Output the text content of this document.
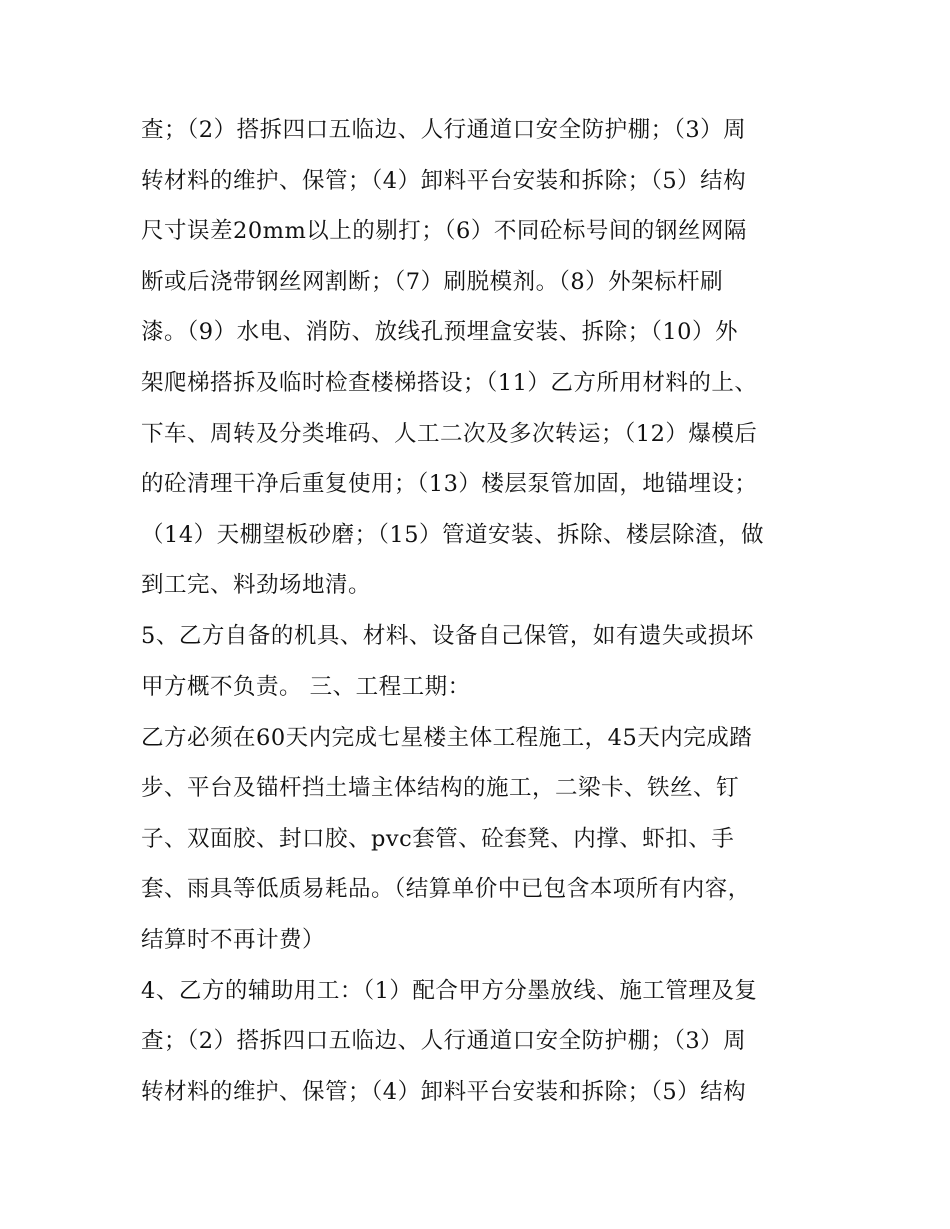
查；（2）搭拆四口五临边、人行通道口安全防护棚；（3）周
转材料的维护、保管；（4）卸料平台安装和拆除；（5）结构
尺寸误差20mm以上的剔打；（6）不同砼标号间的钢丝网隔
断或后浇带钢丝网割断；（7）刷脱模剂。（8）外架标杆刷
漆。（9）水电、消防、放线孔预埋盒安装、拆除；（10）外
架爬梯搭拆及临时检查楼梯搭设；（11）乙方所用材料的上、
下车、周转及分类堆码、人工二次及多次转运；（12）爆模后
的砼清理干净后重复使用；（13）楼层泵管加固，地锚埋设；
（14）天棚望板砂磨；（15）管道安装、拆除、楼层除渣，做
到工完、料劲场地清。
5、乙方自备的机具、材料、设备自己保管，如有遗失或损坏
甲方概不负责。 三、工程工期：
乙方必须在60天内完成七星楼主体工程施工，45天内完成踏
步、平台及锚杆挡土墙主体结构的施工，二梁卡、铁丝、钉
子、双面胶、封口胶、pvc套管、砼套凳、内撑、虾扣、手
套、雨具等低质易耗品。（结算单价中已包含本项所有内容，
结算时不再计费）
4、乙方的辅助用工：（1）配合甲方分墨放线、施工管理及复
查；（2）搭拆四口五临边、人行通道口安全防护棚；（3）周
转材料的维护、保管；（4）卸料平台安装和拆除；（5）结构
